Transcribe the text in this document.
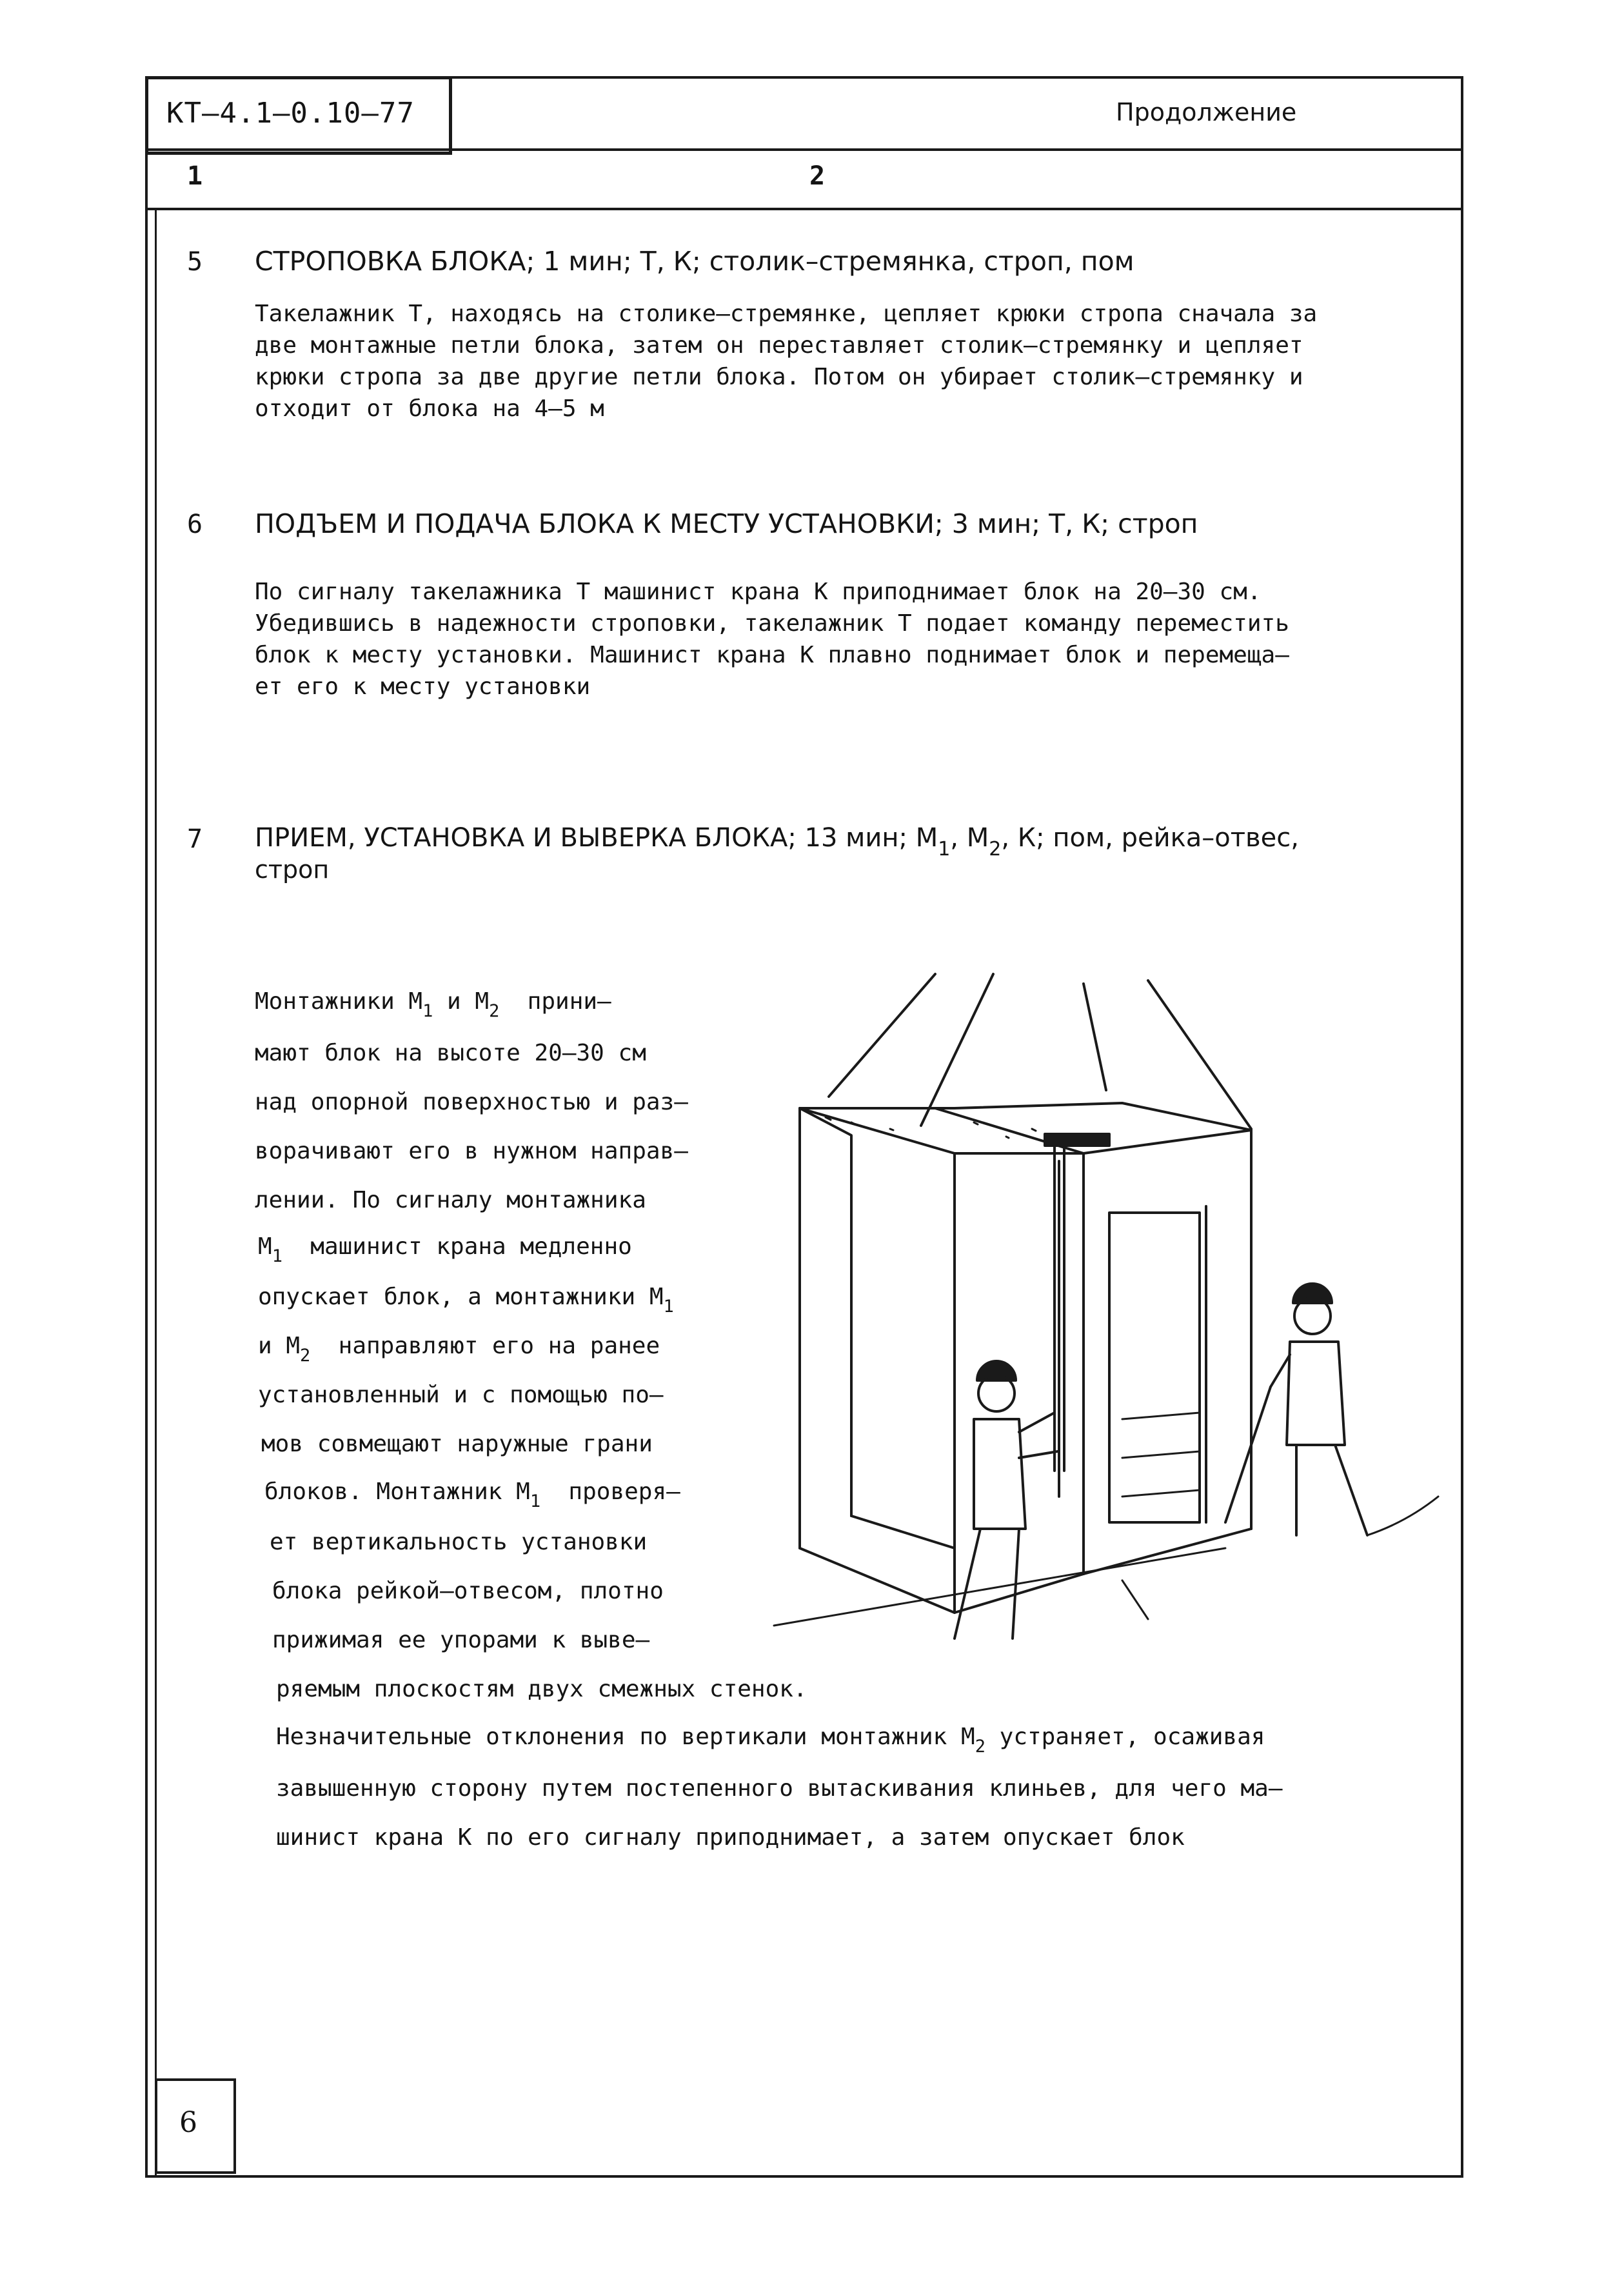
КТ–4.1–0.10–77	Продолжение
1	2
5 СТРОПОВКА БЛОКА; 1 мин; Т, К; столик–стремянка, строп, пом
Такелажник Т, находясь на столике–стремянке, цепляет крюки стропа сначала за
две монтажные петли блока, затем он переставляет столик–стремянку и цепляет
крюки стропа за две другие петли блока. Потом он убирает столик–стремянку и
отходит от блока на 4–5 м
6 ПОДЪЕМ И ПОДАЧА БЛОКА К МЕСТУ УСТАНОВКИ; 3 мин; Т, К; строп
По сигналу такелажника Т машинист крана К приподнимает блок на 20–30 см.
Убедившись в надежности строповки, такелажник Т подает команду переместить
блок к месту установки. Машинист крана К плавно поднимает блок и перемеща–
ет его к месту установки
7 ПРИЕМ, УСТАНОВКА И ВЫВЕРКА БЛОКА; 13 мин; $М_1$, $М_2$, К; пом, рейка–отвес,
строп
Монтажники $М_1$ и $М_2$  прини–
мают блок на высоте 20–30 см
над опорной поверхностью и раз–
ворачивают его в нужном направ–
лении. По сигналу монтажника
$М_1$  машинист крана медленно
опускает блок, а монтажники $М_1$
и $М_2$  направляют его на ранее
установленный и с помощью по–
мов совмещают наружные грани
блоков. Монтажник $М_1$  проверя–
ет вертикальность установки
блока рейкой–отвесом, плотно
прижимая ее упорами к выве–
ряемым плоскостям двух смежных стенок.
Незначительные отклонения по вертикали монтажник $М_2$ устраняет, осаживая
завышенную сторону путем постепенного вытаскивания клиньев, для чего ма–
шинист крана К по его сигналу приподнимает, а затем опускает блок
6
